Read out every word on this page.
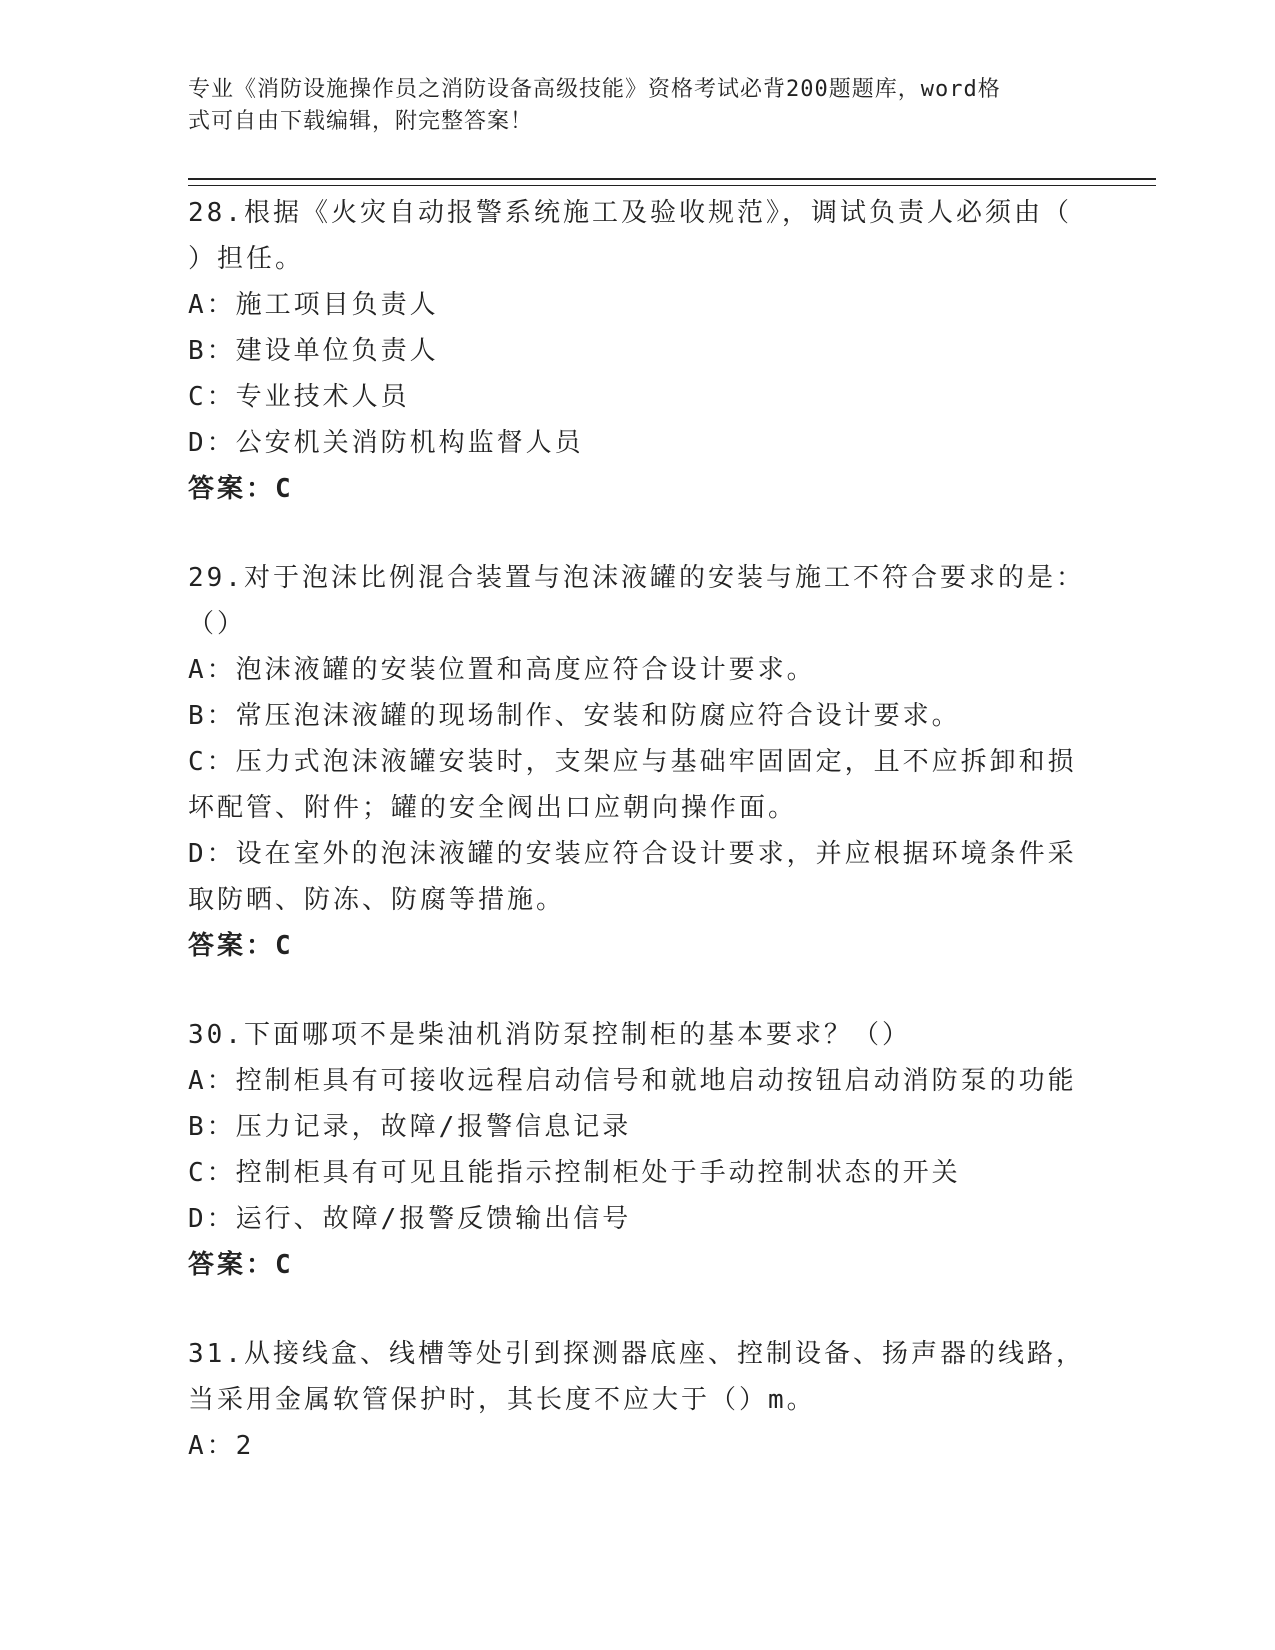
专业《消防设施操作员之消防设备高级技能》资格考试必背200题题库，word格
式可自由下载编辑，附完整答案！

28.根据《火灾自动报警系统施工及验收规范》，调试负责人必须由（

）担任。

A：施工项目负责人

B：建设单位负责人

C：专业技术人员

D：公安机关消防机构监督人员

答案：C

29.对于泡沫比例混合装置与泡沫液罐的安装与施工不符合要求的是：

（）

A：泡沫液罐的安装位置和高度应符合设计要求。

B：常压泡沫液罐的现场制作、安装和防腐应符合设计要求。

C：压力式泡沫液罐安装时，支架应与基础牢固固定，且不应拆卸和损

坏配管、附件；罐的安全阀出口应朝向操作面。

D：设在室外的泡沫液罐的安装应符合设计要求，并应根据环境条件采

取防晒、防冻、防腐等措施。

答案：C

30.下面哪项不是柴油机消防泵控制柜的基本要求？（）

A：控制柜具有可接收远程启动信号和就地启动按钮启动消防泵的功能

B：压力记录，故障/报警信息记录

C：控制柜具有可见且能指示控制柜处于手动控制状态的开关

D：运行、故障/报警反馈输出信号

答案：C

31.从接线盒、线槽等处引到探测器底座、控制设备、扬声器的线路，

当采用金属软管保护时，其长度不应大于（）m。

A：2
